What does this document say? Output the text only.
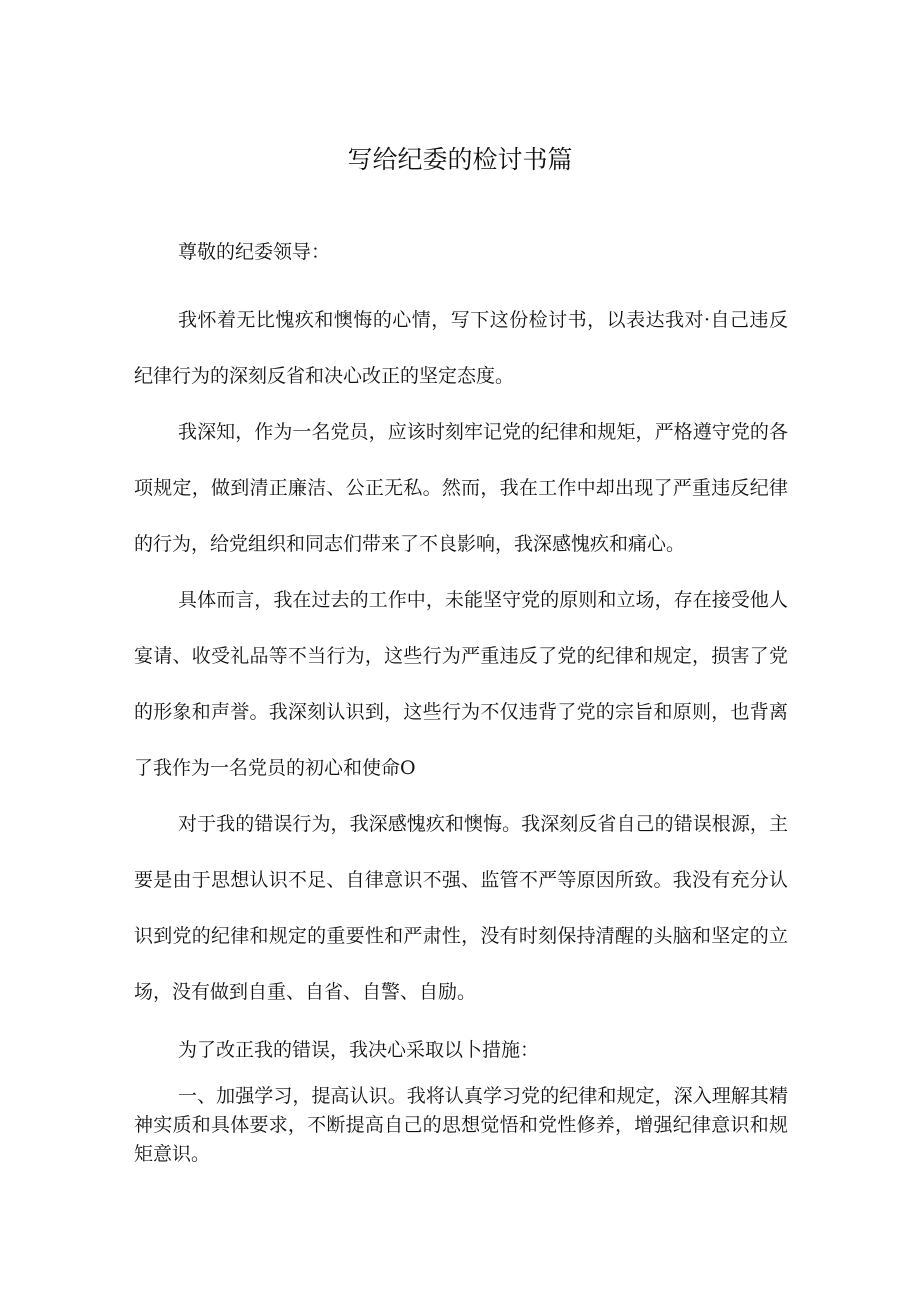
写给纪委的检讨书篇
尊敬的纪委领导：

我怀着无比愧疚和懊悔的心情，写下这份检讨书，以表达我对·自己违反纪律行为的深刻反省和决心改正的坚定态度。

我深知，作为一名党员，应该时刻牢记党的纪律和规矩，严格遵守党的各项规定，做到清正廉洁、公正无私。然而，我在工作中却出现了严重违反纪律的行为，给党组织和同志们带来了不良影响，我深感愧疚和痛心。

具体而言，我在过去的工作中，未能坚守党的原则和立场，存在接受他人宴请、收受礼品等不当行为，这些行为严重违反了党的纪律和规定，损害了党的形象和声誉。我深刻认识到，这些行为不仅违背了党的宗旨和原则，也背离了我作为一名党员的初心和使命O

对于我的错误行为，我深感愧疚和懊悔。我深刻反省自己的错误根源，主要是由于思想认识不足、自律意识不强、监管不严等原因所致。我没有充分认识到党的纪律和规定的重要性和严肃性，没有时刻保持清醒的头脑和坚定的立场，没有做到自重、自省、自警、自励。

为了改正我的错误，我决心采取以卜措施：

一、加强学习，提高认识。我将认真学习党的纪律和规定，深入理解其精神实质和具体要求，不断提高自己的思想觉悟和党性修养，增强纪律意识和规矩意识。
